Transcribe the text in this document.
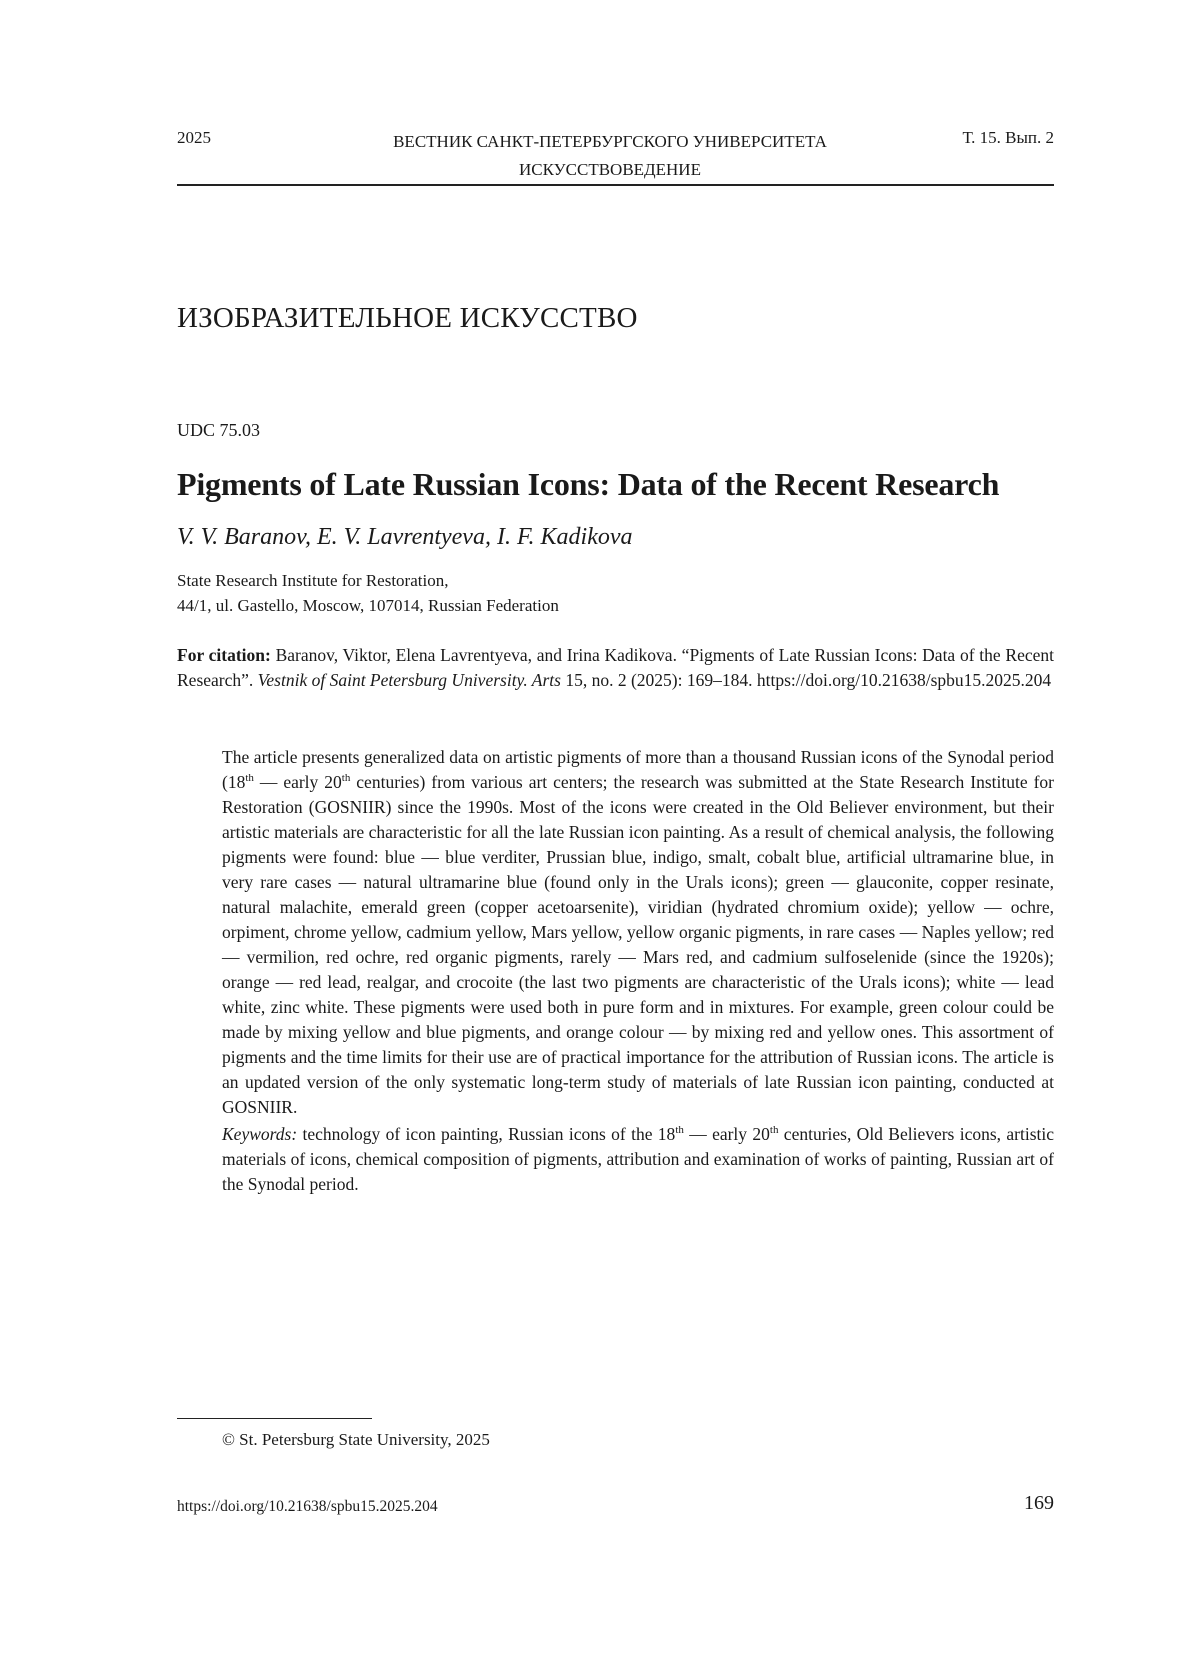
2025	ВЕСТНИК САНКТ-ПЕТЕРБУРГСКОГО УНИВЕРСИТЕТА
ИСКУССТВОВЕДЕНИЕ
Т. 15. Вып. 2
ИЗОБРАЗИТЕЛЬНОЕ ИСКУССТВО
UDC 75.03
Pigments of Late Russian Icons: Data of the Recent Research
V. V. Baranov, E. V. Lavrentyeva, I. F. Kadikova
State Research Institute for Restoration,
44/1, ul. Gastello, Moscow, 107014, Russian Federation
For citation: Baranov, Viktor, Elena Lavrentyeva, and Irina Kadikova. “Pigments of Late Russian Icons: Data of the Recent Research”. Vestnik of Saint Petersburg University. Arts 15, no. 2 (2025): 169–184. https://doi.org/10.21638/spbu15.2025.204

The article presents generalized data on artistic pigments of more than a thousand Russian icons of the Synodal period (18th — early 20th centuries) from various art centers; the research was submitted at the State Research Institute for Restoration (GOSNIIR) since the 1990s. Most of the icons were created in the Old Believer environment, but their artistic materials are characteristic for all the late Russian icon painting. As a result of chemical analysis, the following pigments were found: blue — blue verditer, Prussian blue, indigo, smalt, cobalt blue, artificial ultramarine blue, in very rare cases — natural ultramarine blue (found only in the Urals icons); green — glauconite, copper resinate, natural malachite, emerald green (copper acetoarsenite), viridian (hydrated chromium oxide); yellow — ochre, orpiment, chrome yellow, cadmium yellow, Mars yellow, yellow organic pigments, in rare cases — Naples yellow; red — vermilion, red ochre, red organic pigments, rarely — Mars red, and cadmium sulfoselenide (since the 1920s); orange — red lead, realgar, and crocoite (the last two pigments are characteristic of the Urals icons); white — lead white, zinc white. These pigments were used both in pure form and in mixtures. For example, green colour could be made by mixing yellow and blue pigments, and orange colour — by mixing red and yellow ones. This assortment of pigments and the time limits for their use are of practical importance for the attribution of Russian icons. The article is an updated version of the only systematic long-term study of materials of late Russian icon painting, conducted at GOSNIIR.

Keywords: technology of icon painting, Russian icons of the 18th — early 20th centuries, Old Believers icons, artistic materials of icons, chemical composition of pigments, attribution and examination of works of painting, Russian art of the Synodal period.

© St. Petersburg State University, 2025
https://doi.org/10.21638/spbu15.2025.204	169
